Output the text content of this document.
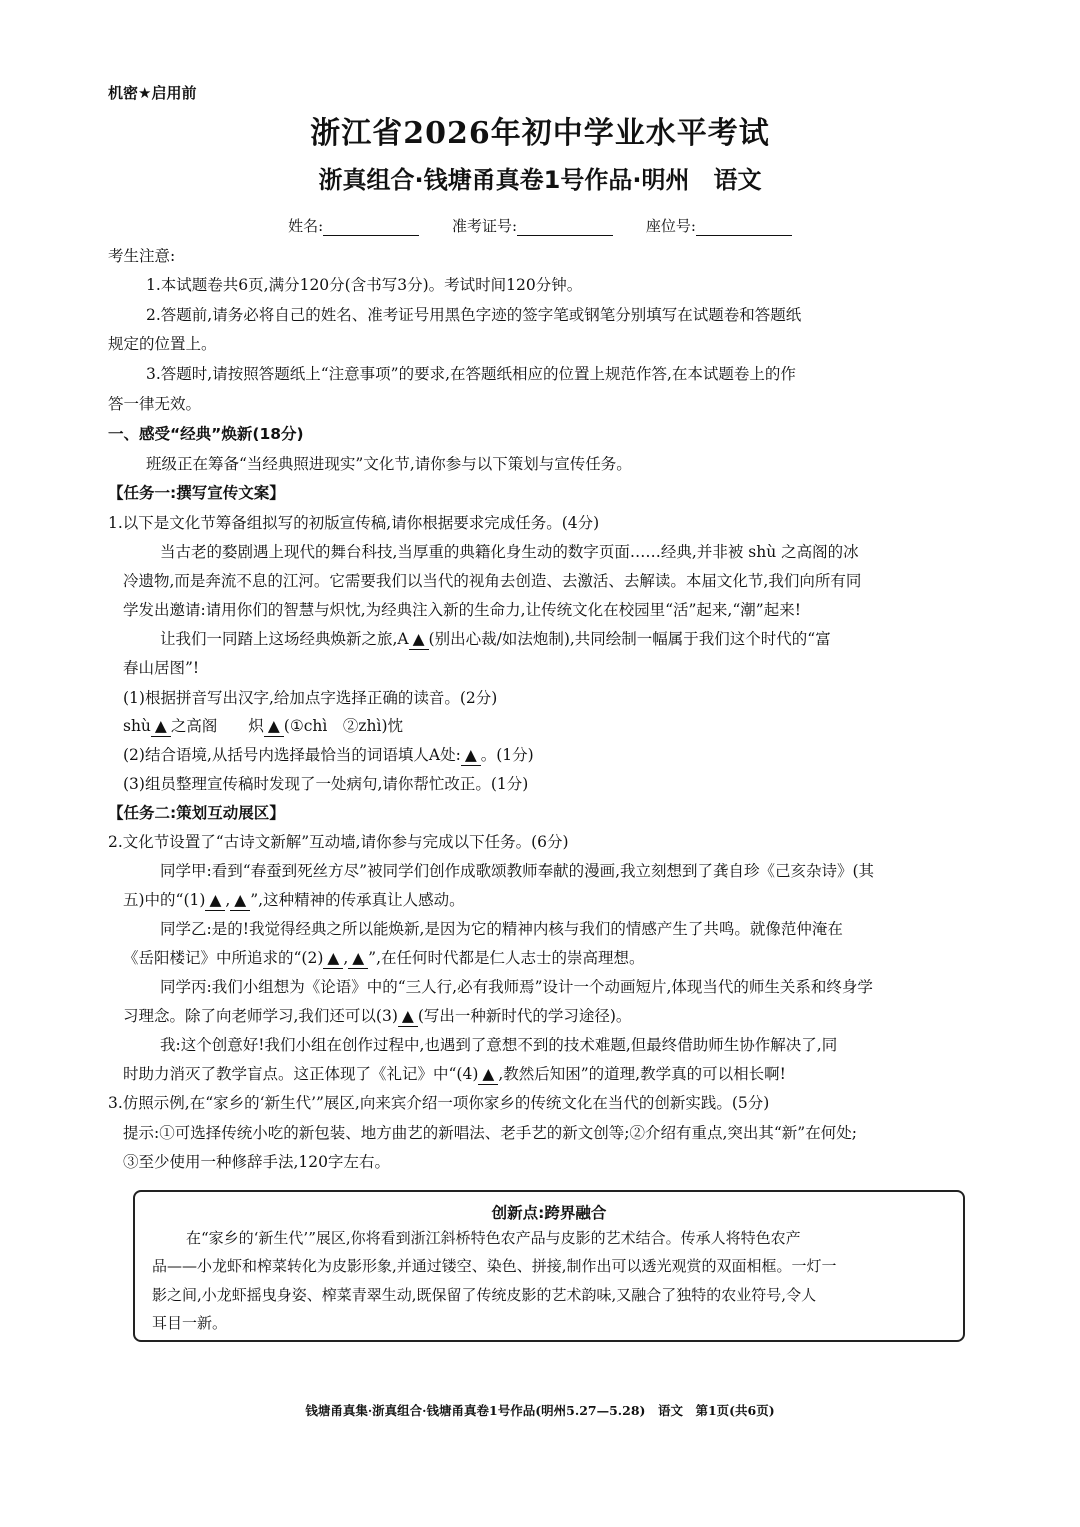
机密★启用前
浙江省2026年初中学业水平考试
浙真组合·钱塘甬真卷1号作品·明州　语文
姓名:	准考证号:	座位号:
考生注意:
1.本试题卷共6页,满分120分(含书写3分)。考试时间120分钟。
2.答题前,请务必将自己的姓名、准考证号用黑色字迹的签字笔或钢笔分别填写在试题卷和答题纸
规定的位置上。
3.答题时,请按照答题纸上“注意事项”的要求,在答题纸相应的位置上规范作答,在本试题卷上的作
答一律无效。
一、感受“经典”焕新(18分)
班级正在筹备“当经典照进现实”文化节,请你参与以下策划与宣传任务。
【任务一:撰写宣传文案】
1.以下是文化节筹备组拟写的初版宣传稿,请你根据要求完成任务。(4分)
当古老的婺剧遇上现代的舞台科技,当厚重的典籍化身生动的数字页面……经典,并非被 shù 之高阁的冰
冷遗物,而是奔流不息的江河。它需要我们以当代的视角去创造、去激活、去解读。本届文化节,我们向所有同
学发出邀请:请用你们的智慧与炽忱,为经典注入新的生命力,让传统文化在校园里“活”起来,“潮”起来!
让我们一同踏上这场经典焕新之旅,A ▲ (别出心裁/如法炮制),共同绘制一幅属于我们这个时代的“富
春山居图”!
(1)根据拼音写出汉字,给加点字选择正确的读音。(2分)
shù ▲ 之高阁　　炽 ▲ (①chì　②zhì)忱
(2)结合语境,从括号内选择最恰当的词语填人A处: ▲ 。(1分)
(3)组员整理宣传稿时发现了一处病句,请你帮忙改正。(1分)
【任务二:策划互动展区】
2.文化节设置了“古诗文新解”互动墙,请你参与完成以下任务。(6分)
同学甲:看到“春蚕到死丝方尽”被同学们创作成歌颂教师奉献的漫画,我立刻想到了龚自珍《己亥杂诗》(其
五)中的“(1) ▲ , ▲ ”,这种精神的传承真让人感动。
同学乙:是的!我觉得经典之所以能焕新,是因为它的精神内核与我们的情感产生了共鸣。就像范仲淹在
《岳阳楼记》中所追求的“(2) ▲ , ▲ ”,在任何时代都是仁人志士的崇高理想。
同学丙:我们小组想为《论语》中的“三人行,必有我师焉”设计一个动画短片,体现当代的师生关系和终身学
习理念。除了向老师学习,我们还可以(3) ▲ (写出一种新时代的学习途径)。
我:这个创意好!我们小组在创作过程中,也遇到了意想不到的技术难题,但最终借助师生协作解决了,同
时助力消灭了教学盲点。这正体现了《礼记》中“(4) ▲ ,教然后知困”的道理,教学真的可以相长啊!
3.仿照示例,在“家乡的‘新生代’”展区,向来宾介绍一项你家乡的传统文化在当代的创新实践。(5分)
提示:①可选择传统小吃的新包装、地方曲艺的新唱法、老手艺的新文创等;②介绍有重点,突出其“新”在何处;
③至少使用一种修辞手法,120字左右。
创新点:跨界融合
在“家乡的‘新生代’”展区,你将看到浙江斜桥特色农产品与皮影的艺术结合。传承人将特色农产
品——小龙虾和榨菜转化为皮影形象,并通过镂空、染色、拼接,制作出可以透光观赏的双面相框。一灯一
影之间,小龙虾摇曳身姿、榨菜青翠生动,既保留了传统皮影的艺术韵味,又融合了独特的农业符号,令人
耳目一新。
钱塘甬真集·浙真组合·钱塘甬真卷1号作品(明州5.27—5.28)　语文　第1页(共6页)
